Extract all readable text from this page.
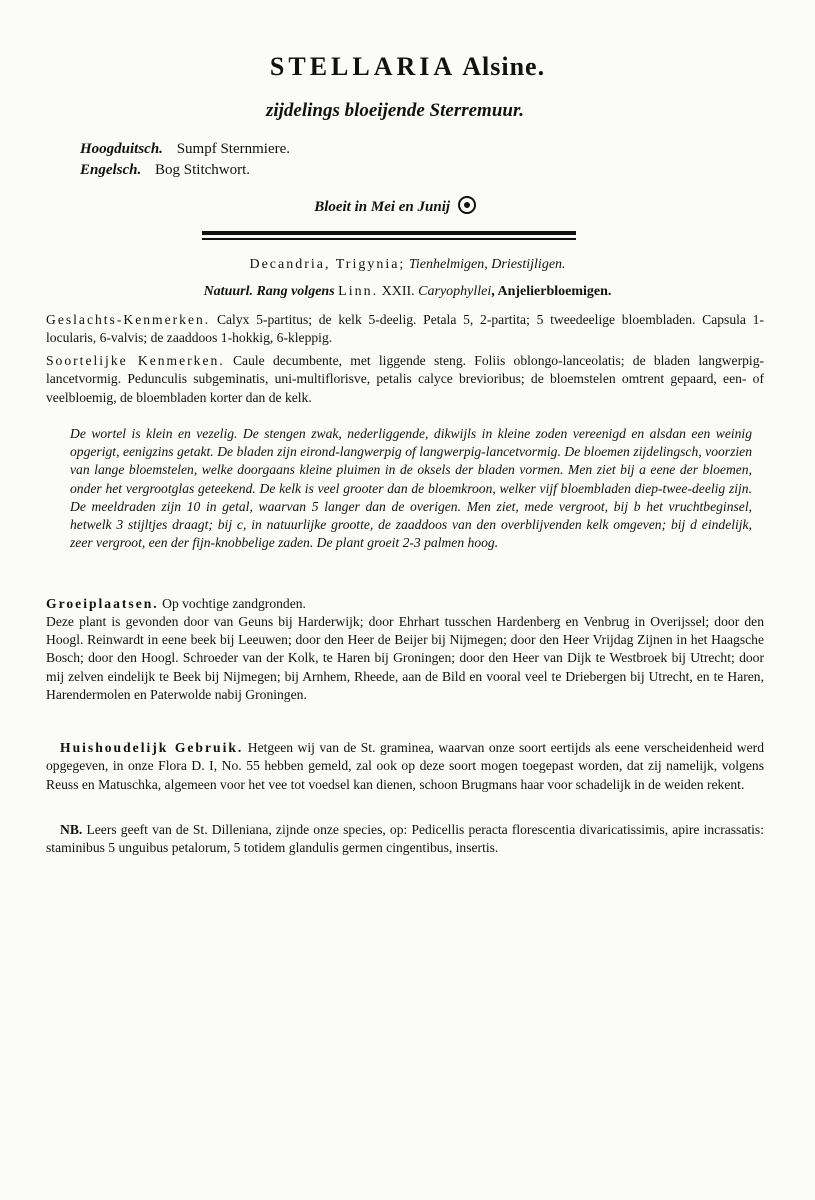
STELLARIA Alsine.
zijdelings bloeijende Sterremuur.
Hoogduitsch. Sumpf Sternmiere.
Engelsch. Bog Stitchwort.
Bloeit in Mei en Junij
Decandria, Trigynia; Tienhelmigen, Driestijligen.
Natuurl. Rang volgens Linn. XXII. Caryophyllei, Anjelierbloemigen.
Geslachts-Kenmerken. Calyx 5-partitus; de kelk 5-deelig. Petala 5, 2-partita; 5 tweedeelige bloembladen. Capsula 1-locularis, 6-valvis; de zaaddoos 1-hokkig, 6-kleppig.
Soortelijke Kenmerken. Caule decumbente, met liggende steng. Foliis oblongo-lanceolatis; de bladen langwerpig-lancetvormig. Pedunculis subgeminatis, uni-multiflorisve, petalis calyce brevioribus; de bloemstelen omtrent gepaard, een- of veelbloemig, de bloembladen korter dan de kelk.
De wortel is klein en vezelig. De stengen zwak, nederliggende, dikwijls in kleine zoden vereenigd en alsdan een weinig opgerigt, eenigzins getakt. De bladen zijn eirond-langwerpig of langwerpig-lancetvormig. De bloemen zijdelingsch, voorzien van lange bloemstelen, welke doorgaans kleine pluimen in de oksels der bladen vormen. Men ziet bij a eene der bloemen, onder het vergrootglas geteekend. De kelk is veel grooter dan de bloemkroon, welker vijf bloembladen diep-twee-deelig zijn. De meeldraden zijn 10 in getal, waarvan 5 langer dan de overigen. Men ziet, mede vergroot, bij b het vruchtbeginsel, hetwelk 3 stijltjes draagt; bij c, in natuurlijke grootte, de zaaddoos van den overblijvenden kelk omgeven; bij d eindelijk, zeer vergroot, een der fijn-knobbelige zaden. De plant groeit 2-3 palmen hoog.
Groeiplaatsen. Op vochtige zandgronden.
Deze plant is gevonden door van Geuns bij Harderwijk; door Ehrhart tusschen Hardenberg en Venbrug in Overijssel; door den Hoogl. Reinwardt in eene beek bij Leeuwen; door den Heer de Beijer bij Nijmegen; door den Heer Vrijdag Zijnen in het Haagsche Bosch; door den Hoogl. Schroeder van der Kolk, te Haren bij Groningen; door den Heer van Dijk te Westbroek bij Utrecht; door mij zelven eindelijk te Beek bij Nijmegen; bij Arnhem, Rheede, aan de Bild en vooral veel te Driebergen bij Utrecht, en te Haren, Harendermolen en Paterwolde nabij Groningen.
Huishoudelijk Gebruik. Hetgeen wij van de St. graminea, waarvan onze soort eertijds als eene verscheidenheid werd opgegeven, in onze Flora D. I, No. 55 hebben gemeld, zal ook op deze soort mogen toegepast worden, dat zij namelijk, volgens Reuss en Matuschka, algemeen voor het vee tot voedsel kan dienen, schoon Brugmans haar voor schadelijk in de weiden rekent.
NB. Leers geeft van de St. Dilleniana, zijnde onze species, op: Pedicellis peracta florescentia divaricatissimis, apire incrassatis: staminibus 5 unguibus petalorum, 5 totidem glandulis germen cingentibus, insertis.
